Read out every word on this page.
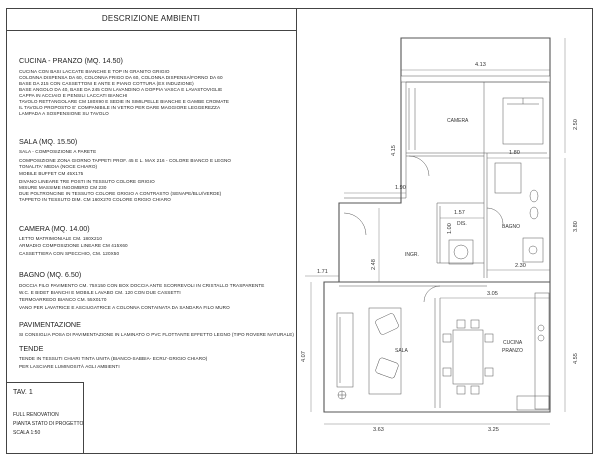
DESCRIZIONE AMBIENTI
CUCINA - PRANZO (MQ. 14.50)
CUCINA CON BASI LACCATE BIANCHE E TOP IN GRANITO GRIGIO
COLONNA DISPENSA DA 60, COLONNA FRIGO DA 60, COLONNA DISPENSA/FORNO DA 60
BASE DA 215 CON CASSETTONI E ANTE E PIANO COTTURA (EX INDUZIONE)
BASE ANGOLO DA 40, BASE DA 245 CON LAVANDINO A DOPPIA VASCA E LAVASTOVIGLIE
CAPPA IN ACCIAIO E PENSILI LACCATI BIANCHI
TAVOLO RETTANGOLARE CM 180X90 E SEDIE IN SIMILPELLE BIANCHE E GAMBE CROMATE
IL TAVOLO PROPOSTO E' COMPANIBILE IN VETRO PER DARE MAGGIORE LEGGEREZZA
LAMPADA A SOSPENSIONE SU TAVOLO
SALA (MQ. 15.50)
SALA - COMPOSIZIONE A PARETE
COMPOSIZIONE ZONA GIORNO TAPPETI PROF. 45 E L. MAX 216 - COLORE BIANCO E LEGNO
TONALITA' MEDIA (NOCE CHIARO)
MOBILE BUFFET CM 45X175
DIVANO LINEARE TRE POSTI IN TESSUTO COLORE GRIGIO
MISURE MASSIME INGOMBRO CM 230
DUE POLTRONCINE IN TESSUTO COLORE GRIGIO A CONTRASTO (SENAPE/BLU/VERDE)
TAPPETO IN TESSUTO DIM. CM 160X270 COLORE GRIGIO CHIARO
CAMERA (MQ. 14.00)
LETTO MATRIMONIALE CM. 180X210
ARMADIO COMPOSIZIONE LINEARE CM 415X60
CASSETTIERA CON SPECCHIO, CM. 120X50
BAGNO (MQ. 6.50)
DOCCIA FILO PAVIMENTO CM. 75X150 CON BOX DOCCIA ANTE SCORREVOLI IN CRISTALLO TRASPARENTE
W.C. E BIDET BIANCHI E MOBILE LAVABO CM. 120 CON DUE CASSETTI
TERMOARREDO BIANCO CM. 55X0170
VANO PER LAVATRICE E ASCIUGATRICE A COLONNA CONTAINATA DA SANDARA FILO MURO
PAVIMENTAZIONE
SI CONSIGLIA POSA DI PAVIMENTAZIONE IN LAMINATO O PVC FLOTTANTE EFFETTO LEGNO (TIPO ROVERE NATURALE)
TENDE
TENDE IN TESSUTI CHIARI TINTA UNITA (BIANCO-SABBIA- ECRU'-GRIGIO CHIARO)
PER LASCIARE LUMINOSITÀ AGLI AMBIENTI
TAV. 1
FULL RENOVATION
PIANTA STATO DI PROGETTO
SCALA 1:50
CAMERA
BAGNO
DIS.
INGR.
SALA
CUCINA
PRANZO
4.13
2.50
4.15	1.80
1.90
1.57
1.00	3.80
2.48	2.30
1.71
3.05
4.07	4.55
3.63	3.25
